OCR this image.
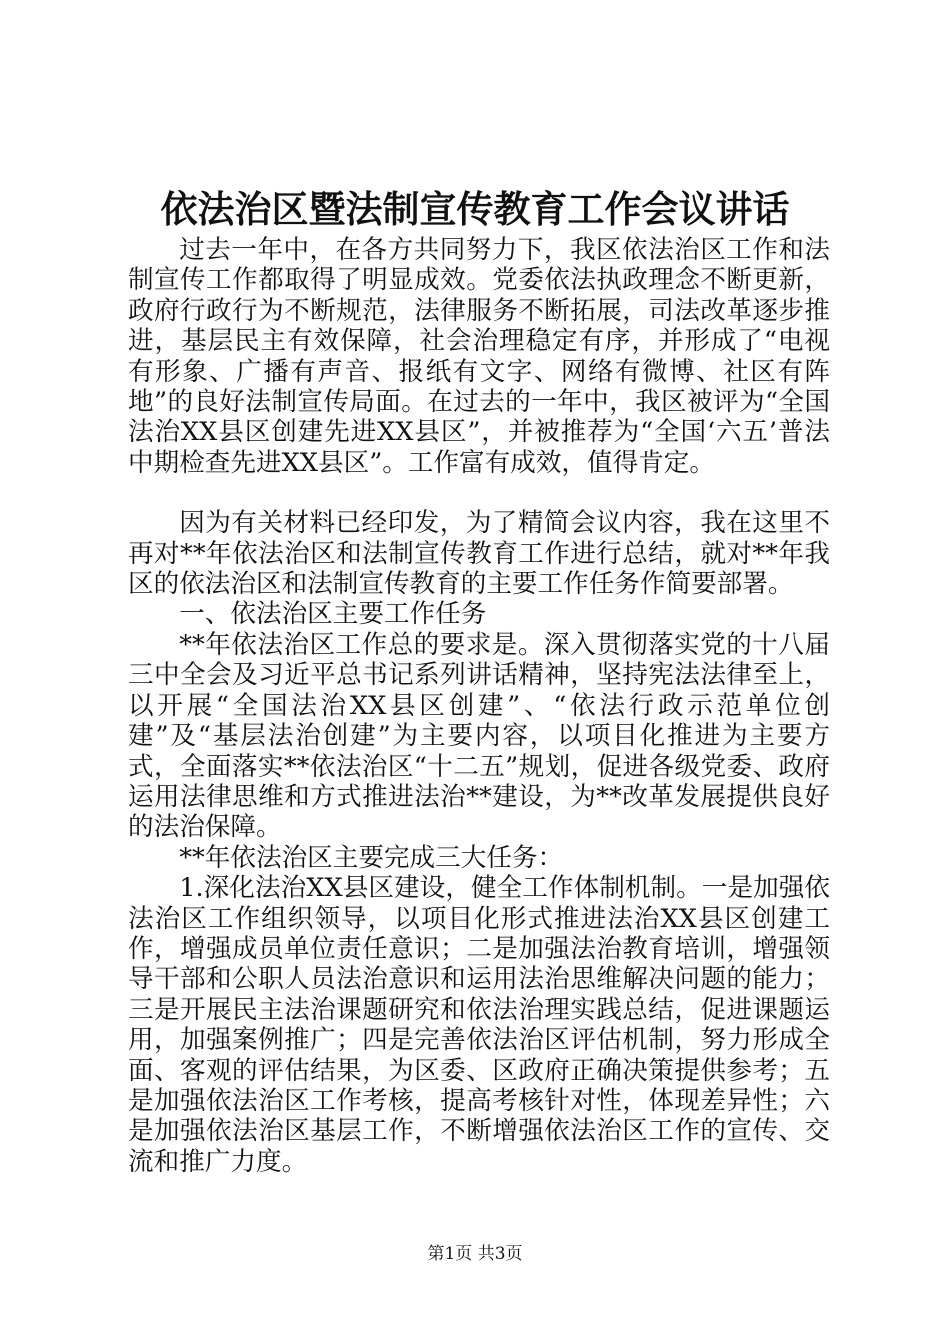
依法治区暨法制宣传教育工作会议讲话

过去一年中，在各方共同努力下，我区依法治区工作和法制宣传工作都取得了明显成效。党委依法执政理念不断更新，政府行政行为不断规范，法律服务不断拓展，司法改革逐步推进，基层民主有效保障，社会治理稳定有序，并形成了“电视有形象、广播有声音、报纸有文字、网络有微博、社区有阵地”的良好法制宣传局面。在过去的一年中，我区被评为“全国法治XX县区创建先进XX县区”，并被推荐为“全国‘六五’普法中期检查先进XX县区”。工作富有成效，值得肯定。

因为有关材料已经印发，为了精简会议内容，我在这里不再对**年依法治区和法制宣传教育工作进行总结，就对**年我区的依法治区和法制宣传教育的主要工作任务作简要部署。

一、依法治区主要工作任务

**年依法治区工作总的要求是。深入贯彻落实党的十八届三中全会及习近平总书记系列讲话精神，坚持宪法法律至上，以开展“全国法治XX县区创建”、“依法行政示范单位创建”及“基层法治创建”为主要内容，以项目化推进为主要方式，全面落实**依法治区“十二五”规划，促进各级党委、政府运用法律思维和方式推进法治**建设，为**改革发展提供良好的法治保障。

**年依法治区主要完成三大任务：

1.深化法治XX县区建设，健全工作体制机制。一是加强依法治区工作组织领导，以项目化形式推进法治XX县区创建工作，增强成员单位责任意识；二是加强法治教育培训，增强领导干部和公职人员法治意识和运用法治思维解决问题的能力；三是开展民主法治课题研究和依法治理实践总结，促进课题运用，加强案例推广；四是完善依法治区评估机制，努力形成全面、客观的评估结果，为区委、区政府正确决策提供参考；五是加强依法治区工作考核，提高考核针对性，体现差异性；六是加强依法治区基层工作，不断增强依法治区工作的宣传、交流和推广力度。

第1页 共3页
